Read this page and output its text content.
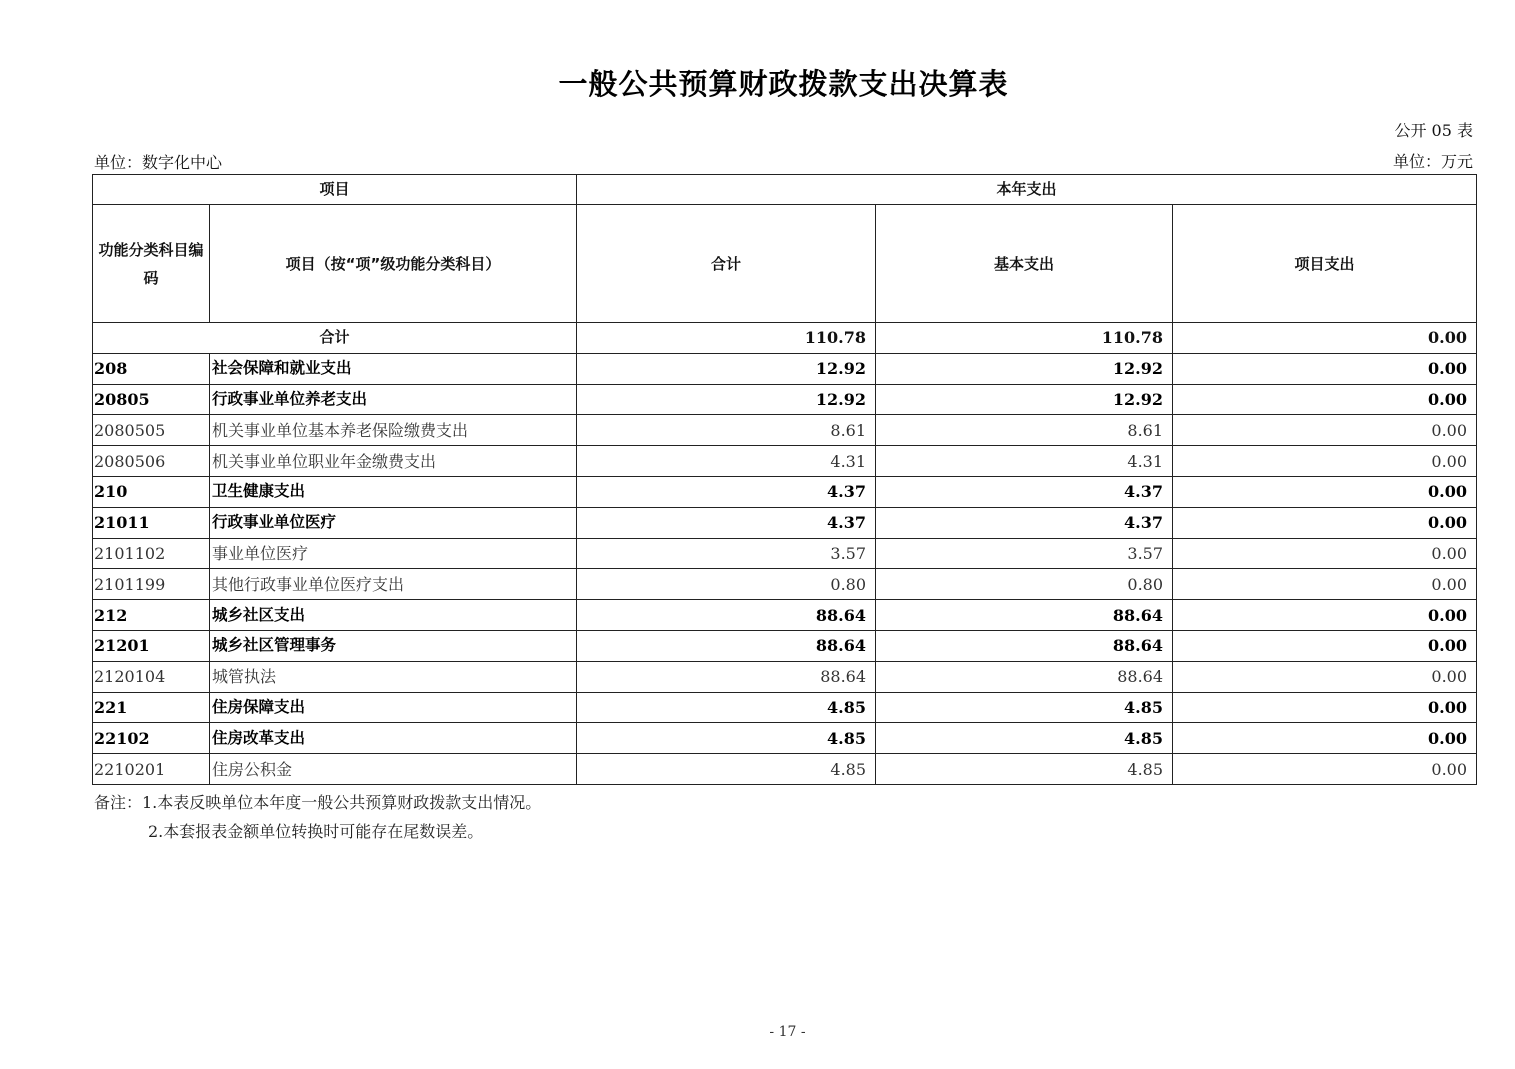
一般公共预算财政拨款支出决算表
公开 05 表
单位：数字化中心	单位：万元
项目		本年支出		
功能分类科目编码	项目（按“项”级功能分类科目）	合计	基本支出	项目支出
合计		110.78	110.78	0.00
208	社会保障和就业支出	12.92	12.92	0.00
20805	行政事业单位养老支出	12.92	12.92	0.00
2080505	机关事业单位基本养老保险缴费支出	8.61	8.61	0.00
2080506	机关事业单位职业年金缴费支出	4.31	4.31	0.00
210	卫生健康支出	4.37	4.37	0.00
21011	行政事业单位医疗	4.37	4.37	0.00
2101102	事业单位医疗	3.57	3.57	0.00
2101199	其他行政事业单位医疗支出	0.80	0.80	0.00
212	城乡社区支出	88.64	88.64	0.00
21201	城乡社区管理事务	88.64	88.64	0.00
2120104	城管执法	88.64	88.64	0.00
221	住房保障支出	4.85	4.85	0.00
22102	住房改革支出	4.85	4.85	0.00
2210201	住房公积金	4.85	4.85	0.00
备注：1.本表反映单位本年度一般公共预算财政拨款支出情况。
2.本套报表金额单位转换时可能存在尾数误差。
- 17 -
